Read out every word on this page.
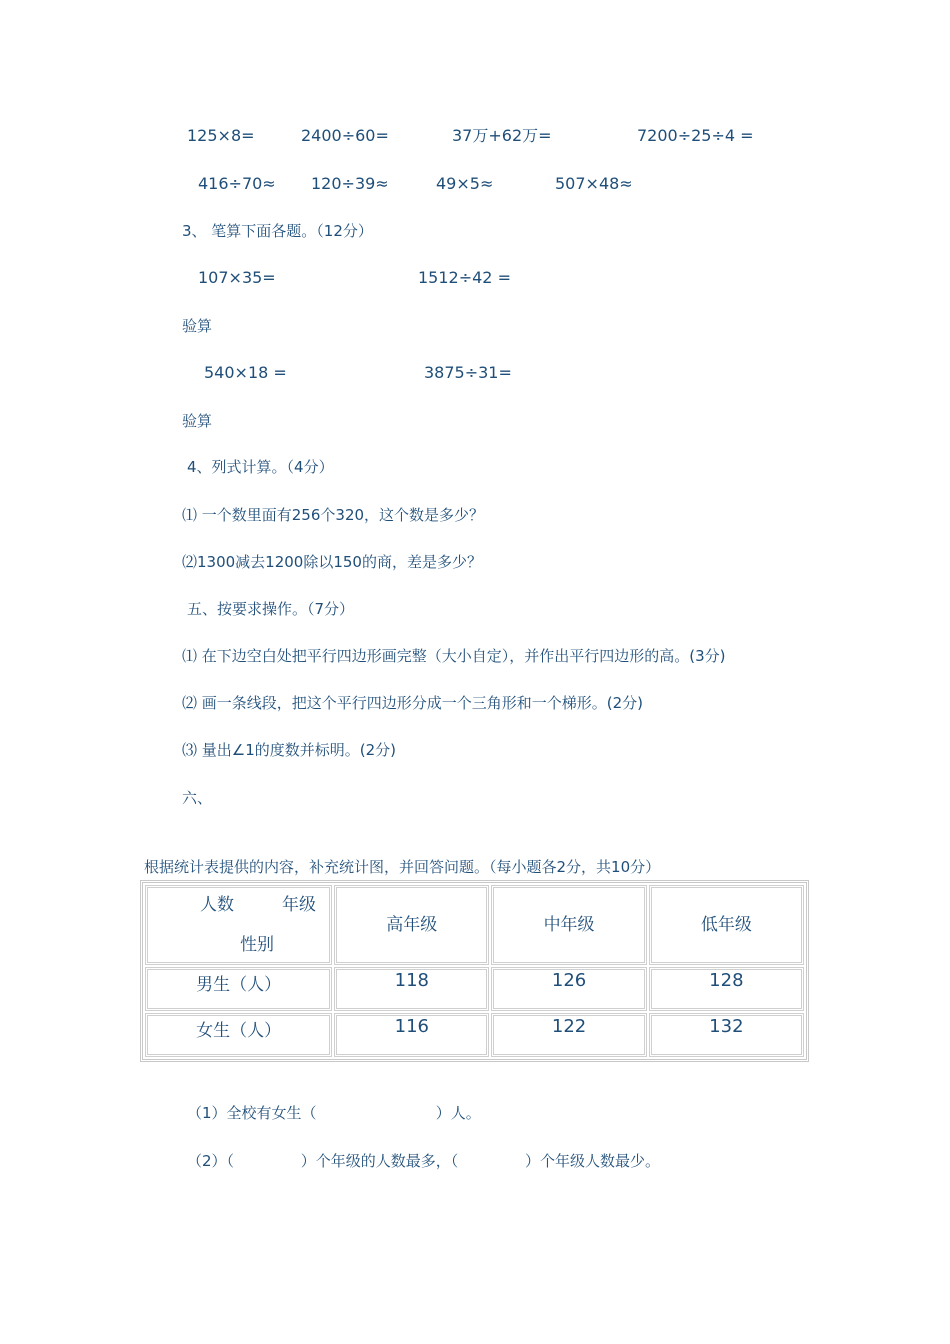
125×8=	2400÷60=	37万+62万=	7200÷25÷4 =
416÷70≈ 120÷39≈	49×5≈	507×48≈
3、 笔算下面各题。（12分）
107×35=	1512÷42 =
验算
540×18 =	3875÷31=
验算
4、列式计算。（4分）
⑴ 一个数里面有256个320，这个数是多少？
⑵1300减去1200除以150的商，差是多少？
五、按要求操作。（7分）
⑴ 在下边空白处把平行四边形画完整（大小自定），并作出平行四边形的高。(3分)
⑵ 画一条线段，把这个平行四边形分成一个三角形和一个梯形。(2分)
⑶ 量出∠1的度数并标明。(2分)
六、
根据统计表提供的内容，补充统计图，并回答问题。（每小题各2分，共10分）
人数 年级
性别	高年级	中年级	低年级

男生（人）	118	126	128

女生（人）	116	122	132
（1）全校有女生（                         ）人。
（2）（              ）个年级的人数最多，（              ）个年级人数最少。
